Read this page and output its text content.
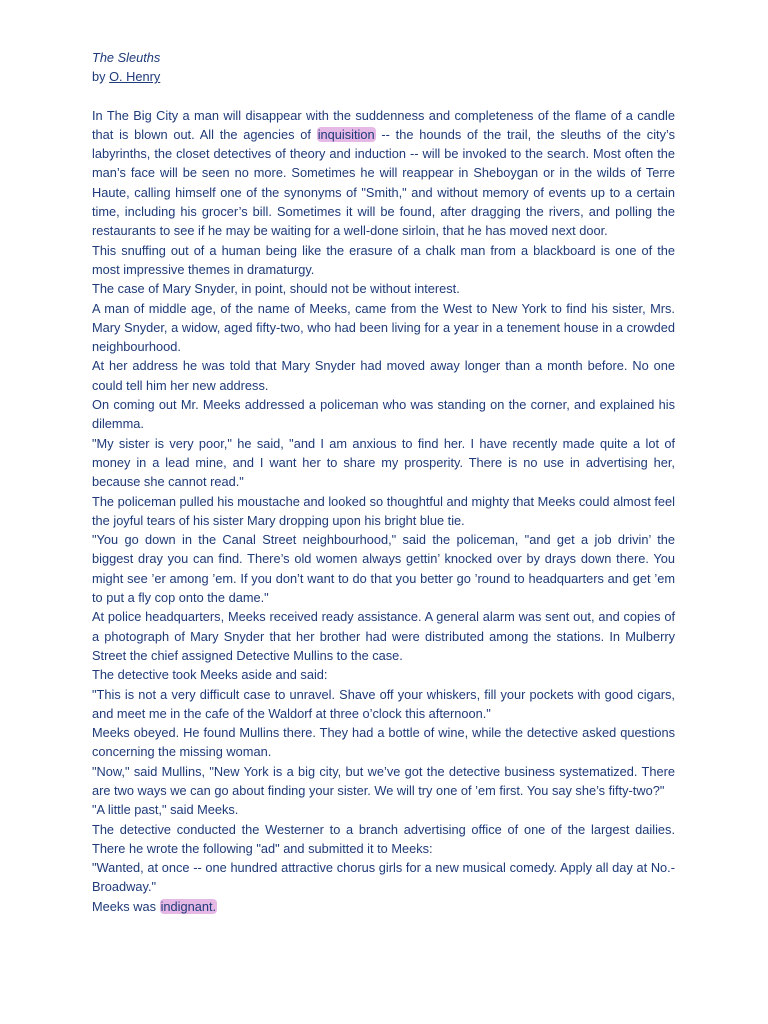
The Sleuths

by O. Henry

In The Big City a man will disappear with the suddenness and completeness of the flame of a candle that is blown out. All the agencies of inquisition -- the hounds of the trail, the sleuths of the city’s labyrinths, the closet detectives of theory and induction -- will be invoked to the search. Most often the man’s face will be seen no more. Sometimes he will reappear in Sheboygan or in the wilds of Terre Haute, calling himself one of the synonyms of "Smith," and without memory of events up to a certain time, including his grocer’s bill. Sometimes it will be found, after dragging the rivers, and polling the restaurants to see if he may be waiting for a well-done sirloin, that he has moved next door.

This snuffing out of a human being like the erasure of a chalk man from a blackboard is one of the most impressive themes in dramaturgy.

The case of Mary Snyder, in point, should not be without interest.

A man of middle age, of the name of Meeks, came from the West to New York to find his sister, Mrs. Mary Snyder, a widow, aged fifty-two, who had been living for a year in a tenement house in a crowded neighbourhood.

At her address he was told that Mary Snyder had moved away longer than a month before. No one could tell him her new address.

On coming out Mr. Meeks addressed a policeman who was standing on the corner, and explained his dilemma.

"My sister is very poor," he said, "and I am anxious to find her. I have recently made quite a lot of money in a lead mine, and I want her to share my prosperity. There is no use in advertising her, because she cannot read."

The policeman pulled his moustache and looked so thoughtful and mighty that Meeks could almost feel the joyful tears of his sister Mary dropping upon his bright blue tie.

"You go down in the Canal Street neighbourhood," said the policeman, "and get a job drivin’ the biggest dray you can find. There’s old women always gettin’ knocked over by drays down there. You might see ’er among ’em. If you don’t want to do that you better go ’round to headquarters and get ’em to put a fly cop onto the dame."

At police headquarters, Meeks received ready assistance. A general alarm was sent out, and copies of a photograph of Mary Snyder that her brother had were distributed among the stations. In Mulberry Street the chief assigned Detective Mullins to the case.

The detective took Meeks aside and said:

"This is not a very difficult case to unravel. Shave off your whiskers, fill your pockets with good cigars, and meet me in the cafe of the Waldorf at three o’clock this afternoon."

Meeks obeyed. He found Mullins there. They had a bottle of wine, while the detective asked questions concerning the missing woman.

"Now," said Mullins, "New York is a big city, but we’ve got the detective business systematized. There are two ways we can go about finding your sister. We will try one of ’em first. You say she’s fifty-two?"

"A little past," said Meeks.

The detective conducted the Westerner to a branch advertising office of one of the largest dailies. There he wrote the following "ad" and submitted it to Meeks:

"Wanted, at once -- one hundred attractive chorus girls for a new musical comedy. Apply all day at No.- Broadway."

Meeks was indignant.
